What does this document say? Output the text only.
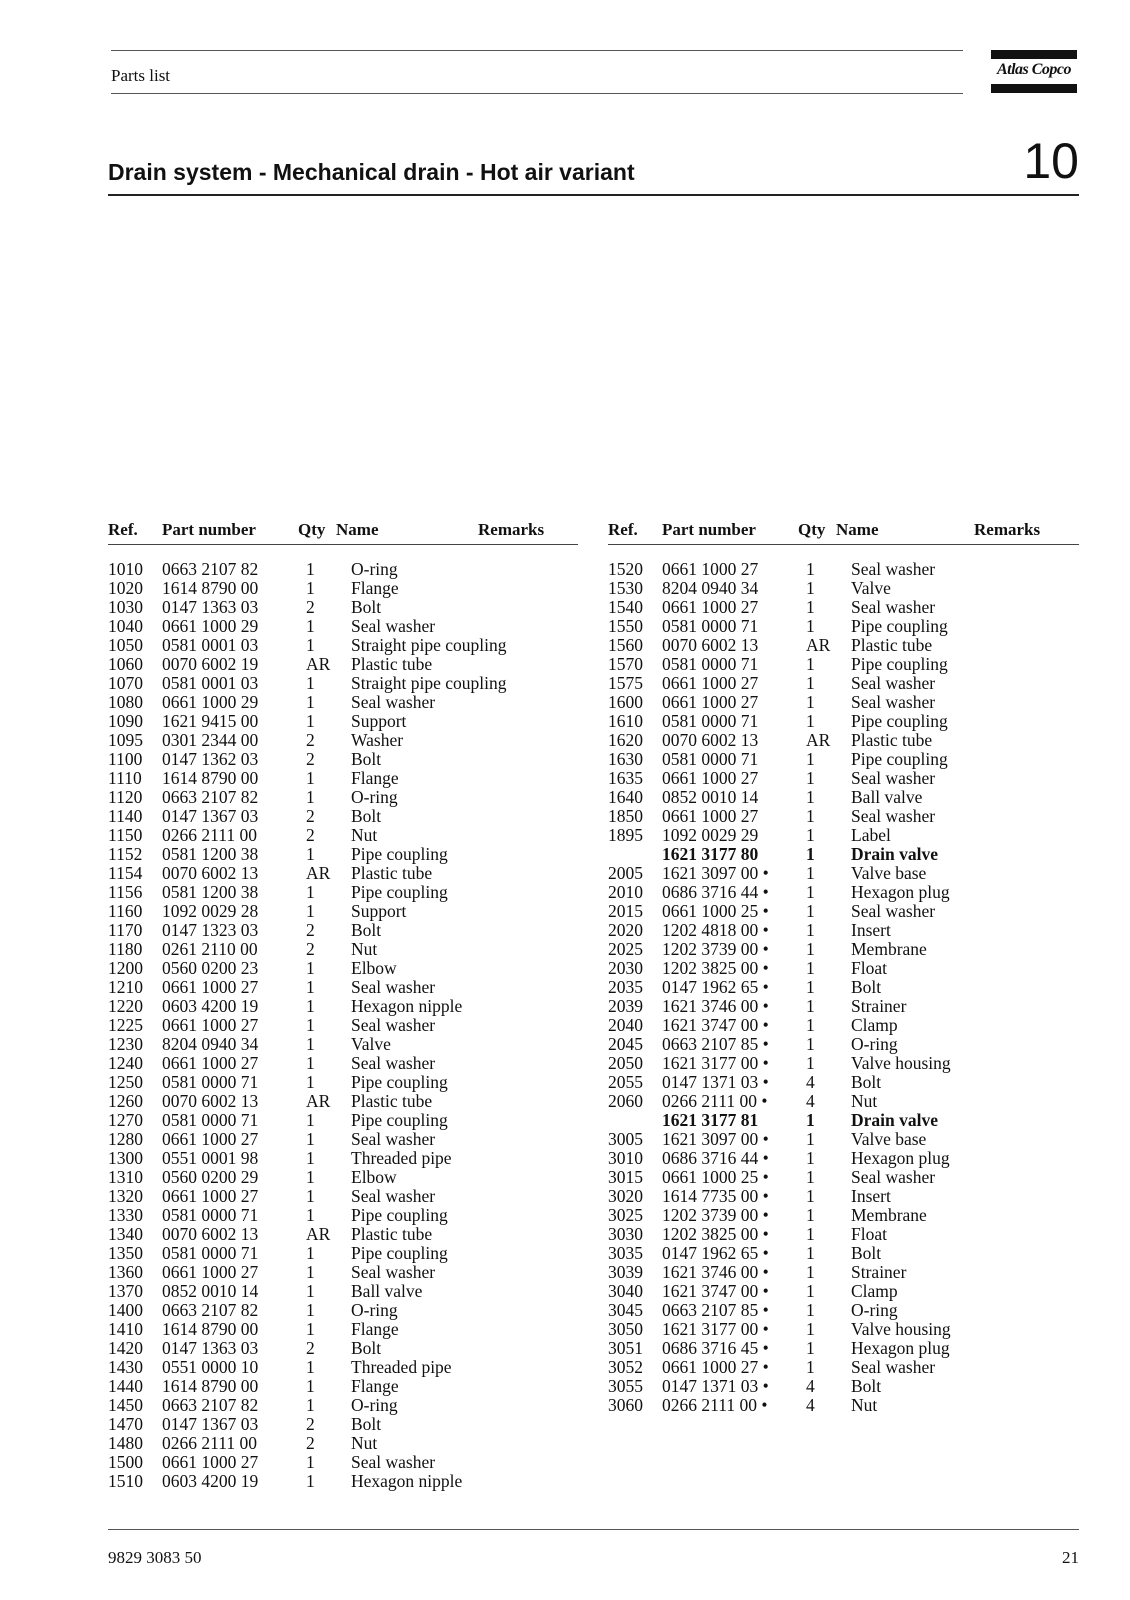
Parts list	Atlas Copco
Drain system - Mechanical drain - Hot air variant	10
Ref. Part number Qty Name	Remarks
1010 0663 2107 82	1 O-ring
1020 1614 8790 00	1 Flange
1030 0147 1363 03	2 Bolt
1040 0661 1000 29	1 Seal washer
1050 0581 0001 03	1 Straight pipe coupling
1060 0070 6002 19	AR Plastic tube
1070 0581 0001 03	1 Straight pipe coupling
1080 0661 1000 29	1 Seal washer
1090 1621 9415 00	1 Support
1095 0301 2344 00	2 Washer
1100 0147 1362 03	2 Bolt
1110 1614 8790 00	1 Flange
1120 0663 2107 82	1 O-ring
1140 0147 1367 03	2 Bolt
1150 0266 2111 00	2 Nut
1152 0581 1200 38	1 Pipe coupling
1154 0070 6002 13	AR Plastic tube
1156 0581 1200 38	1 Pipe coupling
1160 1092 0029 28	1 Support
1170 0147 1323 03	2 Bolt
1180 0261 2110 00	2 Nut
1200 0560 0200 23	1 Elbow
1210 0661 1000 27	1 Seal washer
1220 0603 4200 19	1 Hexagon nipple
1225 0661 1000 27	1 Seal washer
1230 8204 0940 34	1 Valve
1240 0661 1000 27	1 Seal washer
1250 0581 0000 71	1 Pipe coupling
1260 0070 6002 13	AR Plastic tube
1270 0581 0000 71	1 Pipe coupling
1280 0661 1000 27	1 Seal washer
1300 0551 0001 98	1 Threaded pipe
1310 0560 0200 29	1 Elbow
1320 0661 1000 27	1 Seal washer
1330 0581 0000 71	1 Pipe coupling
1340 0070 6002 13	AR Plastic tube
1350 0581 0000 71	1 Pipe coupling
1360 0661 1000 27	1 Seal washer
1370 0852 0010 14	1 Ball valve
1400 0663 2107 82	1 O-ring
1410 1614 8790 00	1 Flange
1420 0147 1363 03	2 Bolt
1430 0551 0000 10	1 Threaded pipe
1440 1614 8790 00	1 Flange
1450 0663 2107 82	1 O-ring
1470 0147 1367 03	2 Bolt
1480 0266 2111 00	2 Nut
1500 0661 1000 27	1 Seal washer
1510 0603 4200 19	1 Hexagon nipple
Ref. Part number Qty Name	Remarks
1520 0661 1000 27	1 Seal washer
1530 8204 0940 34	1 Valve
1540 0661 1000 27	1 Seal washer
1550 0581 0000 71	1 Pipe coupling
1560 0070 6002 13	AR Plastic tube
1570 0581 0000 71	1 Pipe coupling
1575 0661 1000 27	1 Seal washer
1600 0661 1000 27	1 Seal washer
1610 0581 0000 71	1 Pipe coupling
1620 0070 6002 13	AR Plastic tube
1630 0581 0000 71	1 Pipe coupling
1635 0661 1000 27	1 Seal washer
1640 0852 0010 14	1 Ball valve
1850 0661 1000 27	1 Seal washer
1895 1092 0029 29	1 Label
1621 3177 80	1 Drain valve
2005 1621 3097 00 • 1 Valve base
2010 0686 3716 44 • 1 Hexagon plug
2015 0661 1000 25 • 1 Seal washer
2020 1202 4818 00 • 1 Insert
2025 1202 3739 00 • 1 Membrane
2030 1202 3825 00 • 1 Float
2035 0147 1962 65 • 1 Bolt
2039 1621 3746 00 • 1 Strainer
2040 1621 3747 00 • 1 Clamp
2045 0663 2107 85 • 1 O-ring
2050 1621 3177 00 • 1 Valve housing
2055 0147 1371 03 • 4 Bolt
2060 0266 2111 00 • 4 Nut
1621 3177 81	1 Drain valve
3005 1621 3097 00 • 1 Valve base
3010 0686 3716 44 • 1 Hexagon plug
3015 0661 1000 25 • 1 Seal washer
3020 1614 7735 00 • 1 Insert
3025 1202 3739 00 • 1 Membrane
3030 1202 3825 00 • 1 Float
3035 0147 1962 65 • 1 Bolt
3039 1621 3746 00 • 1 Strainer
3040 1621 3747 00 • 1 Clamp
3045 0663 2107 85 • 1 O-ring
3050 1621 3177 00 • 1 Valve housing
3051 0686 3716 45 • 1 Hexagon plug
3052 0661 1000 27 • 1 Seal washer
3055 0147 1371 03 • 4 Bolt
3060 0266 2111 00 • 4 Nut
9829 3083 50	21
